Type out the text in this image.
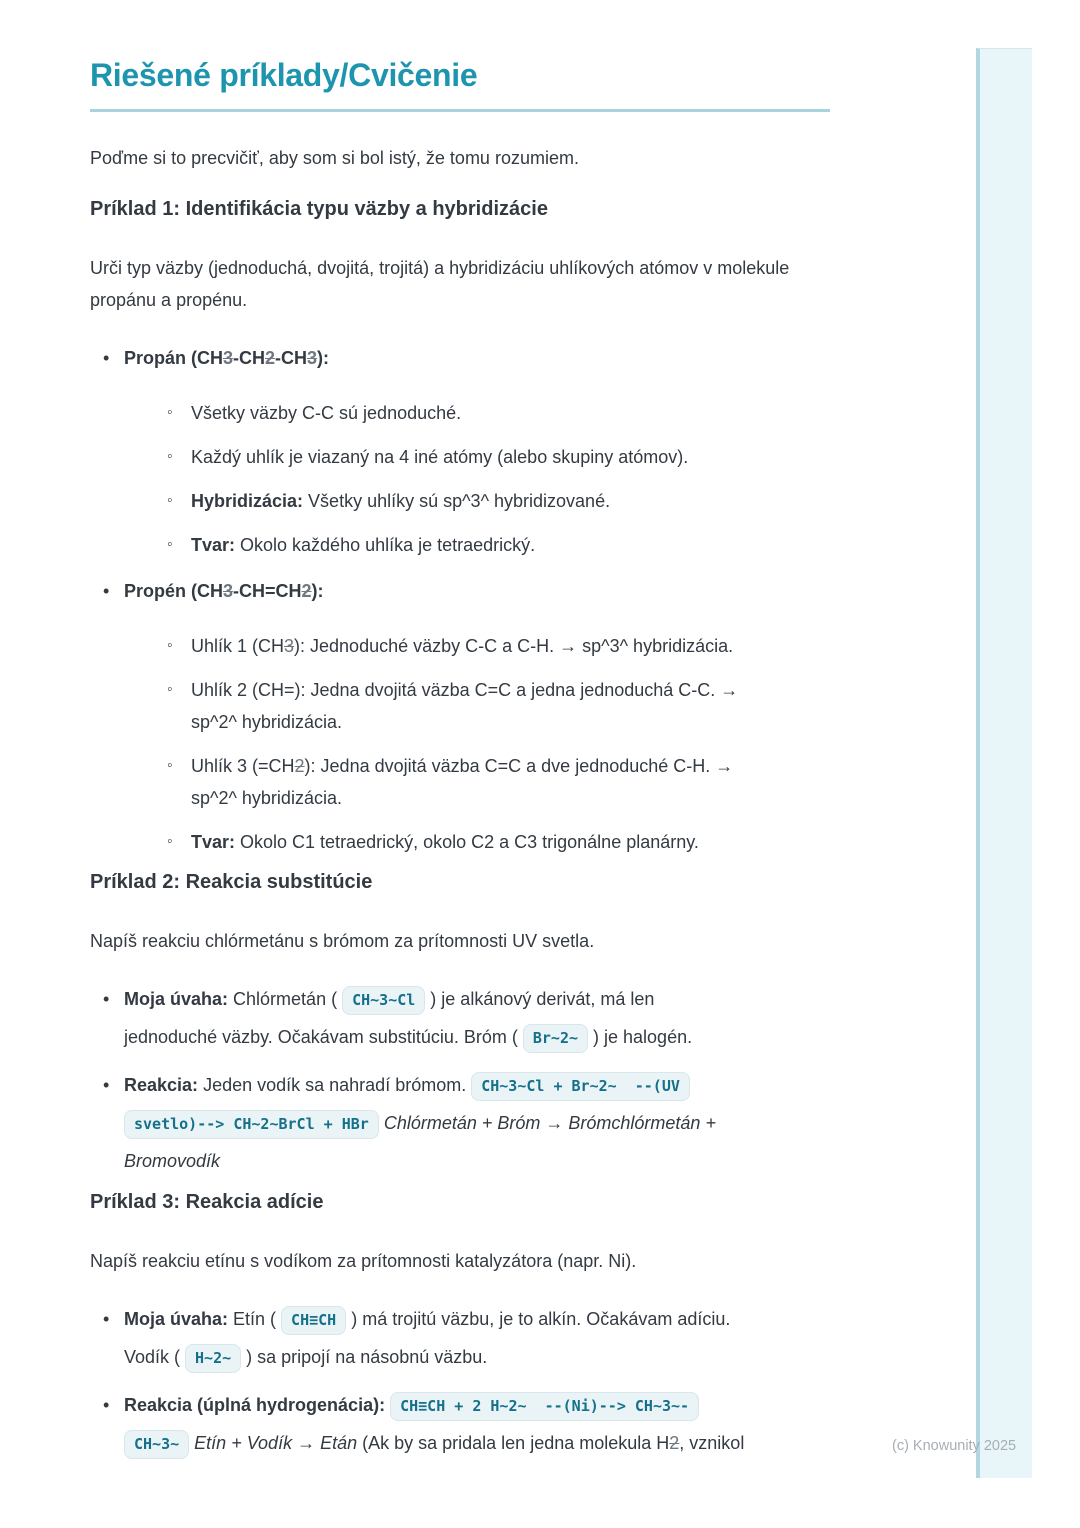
Riešené príklady/Cvičenie

Poďme si to precvičiť, aby som si bol istý, že tomu rozumiem.

Príklad 1: Identifikácia typu väzby a hybridizácie

Urči typ väzby (jednoduchá, dvojitá, trojitá) a hybridizáciu uhlíkových atómov v molekule propánu a propénu.

• Propán (CH3-CH2-CH3):
◦ Všetky väzby C-C sú jednoduché.
◦ Každý uhlík je viazaný na 4 iné atómy (alebo skupiny atómov).
◦ Hybridizácia: Všetky uhlíky sú sp^3^ hybridizované.
◦ Tvar: Okolo každého uhlíka je tetraedrický.
• Propén (CH3-CH=CH2):
◦ Uhlík 1 (CH3): Jednoduché väzby C-C a C-H. → sp^3^ hybridizácia.
◦ Uhlík 2 (CH=): Jedna dvojitá väzba C=C a jedna jednoduchá C-C. →
sp^2^ hybridizácia.
◦ Uhlík 3 (=CH2): Jedna dvojitá väzba C=C a dve jednoduché C-H. →
sp^2^ hybridizácia.
◦ Tvar: Okolo C1 tetraedrický, okolo C2 a C3 trigonálne planárny.
Príklad 2: Reakcia substitúcie

Napíš reakciu chlórmetánu s brómom za prítomnosti UV svetla.

• Moja úvaha: Chlórmetán ( CH~3~Cl ) je alkánový derivát, má len
jednoduché väzby. Očakávam substitúciu. Bróm ( Br~2~ ) je halogén.
• Reakcia: Jeden vodík sa nahradí brómom. CH~3~Cl + Br~2~  --(UV
svetlo)--> CH~2~BrCl + HBr Chlórmetán + Bróm → Brómchlórmetán +
Bromovodík
Príklad 3: Reakcia adície

Napíš reakciu etínu s vodíkom za prítomnosti katalyzátora (napr. Ni).

• Moja úvaha: Etín ( CH≡CH ) má trojitú väzbu, je to alkín. Očakávam adíciu.
Vodík ( H~2~ ) sa pripojí na násobnú väzbu.
• Reakcia (úplná hydrogenácia): CH≡CH + 2 H~2~  --(Ni)--> CH~3~-
CH~3~ Etín + Vodík → Etán (Ak by sa pridala len jedna molekula H2, vznikol	(c) Knowunity 2025
